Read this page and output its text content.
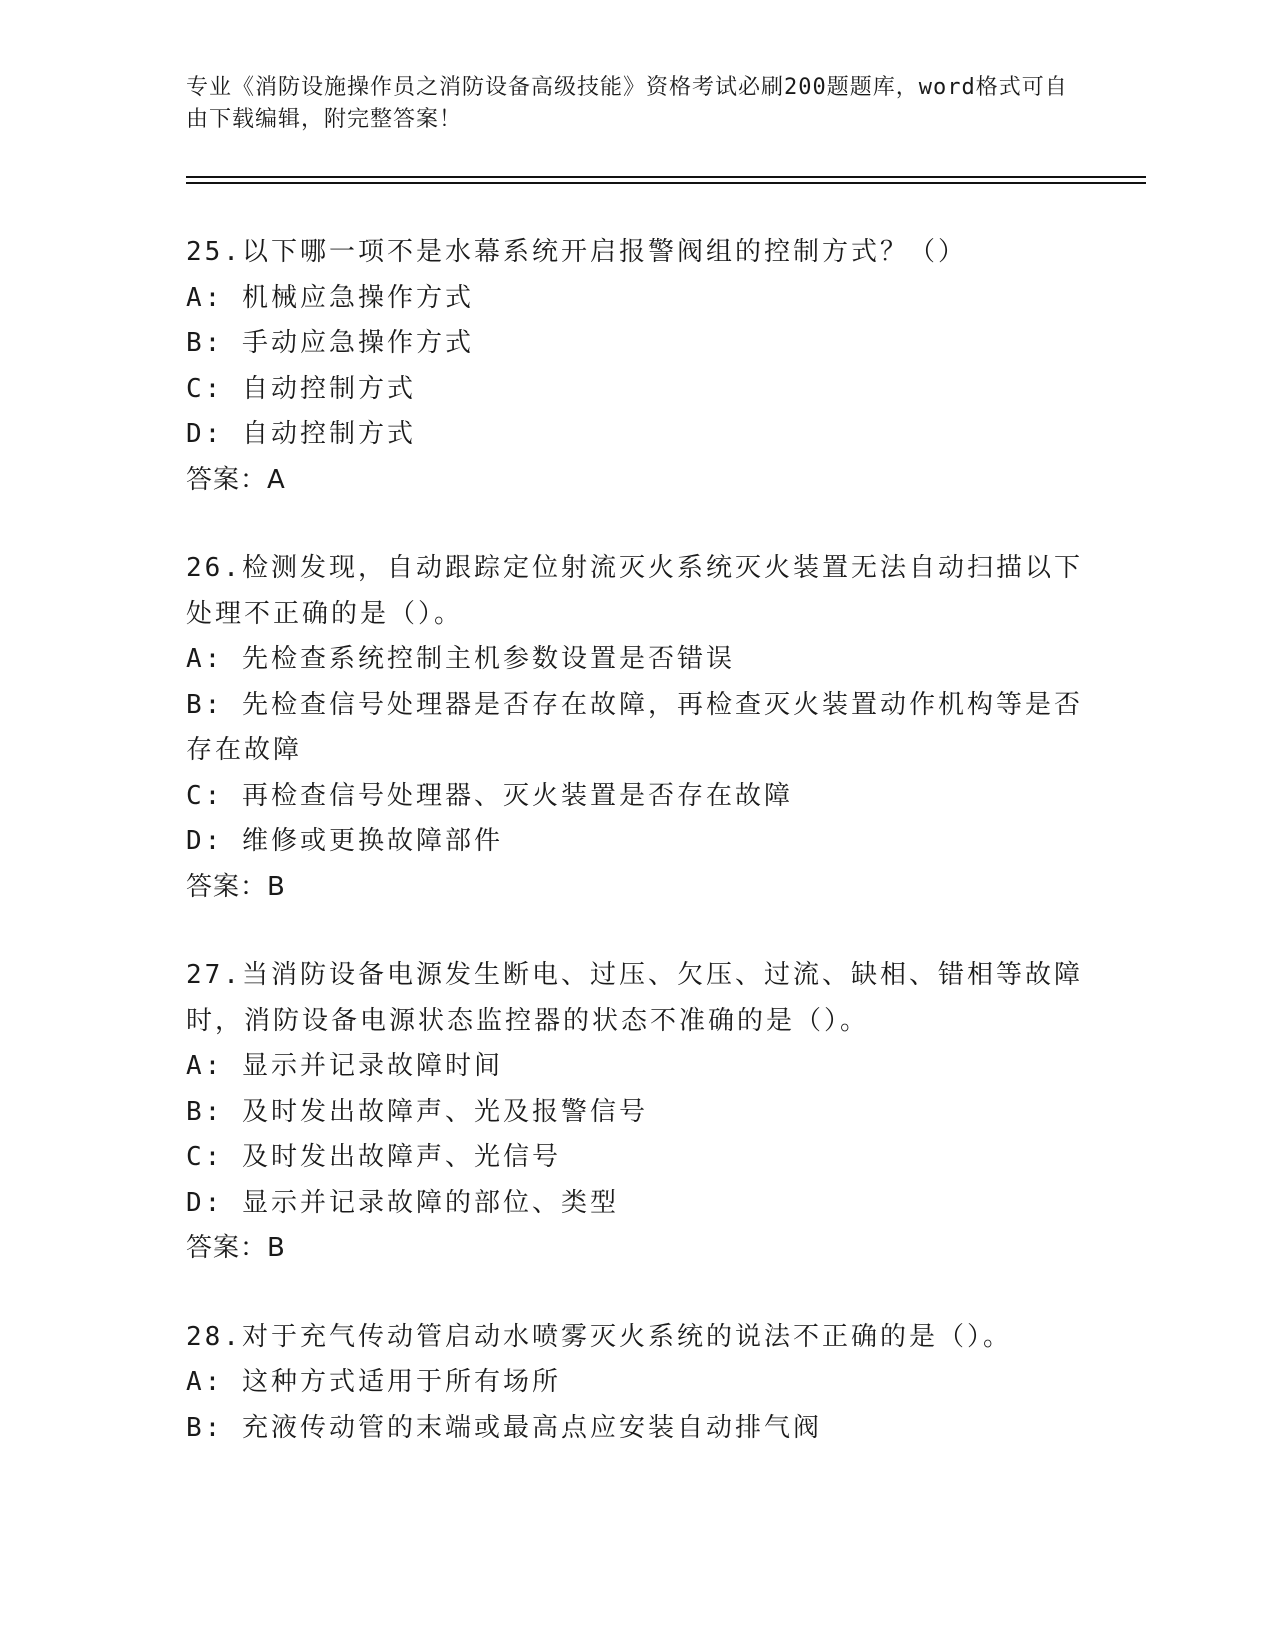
专业《消防设施操作员之消防设备高级技能》资格考试必刷200题题库，word格式可自由下载编辑，附完整答案！
25.以下哪一项不是水幕系统开启报警阀组的控制方式？（）
A: 机械应急操作方式
B: 手动应急操作方式
C: 自动控制方式
D: 自动控制方式
答案：A
26.检测发现，自动跟踪定位射流灭火系统灭火装置无法自动扫描以下处理不正确的是（）。
A: 先检查系统控制主机参数设置是否错误
B: 先检查信号处理器是否存在故障，再检查灭火装置动作机构等是否存在故障
C: 再检查信号处理器、灭火装置是否存在故障
D: 维修或更换故障部件
答案：B
27.当消防设备电源发生断电、过压、欠压、过流、缺相、错相等故障时，消防设备电源状态监控器的状态不准确的是（）。
A: 显示并记录故障时间
B: 及时发出故障声、光及报警信号
C: 及时发出故障声、光信号
D: 显示并记录故障的部位、类型
答案：B
28.对于充气传动管启动水喷雾灭火系统的说法不正确的是（）。
A: 这种方式适用于所有场所
B: 充液传动管的末端或最高点应安装自动排气阀
